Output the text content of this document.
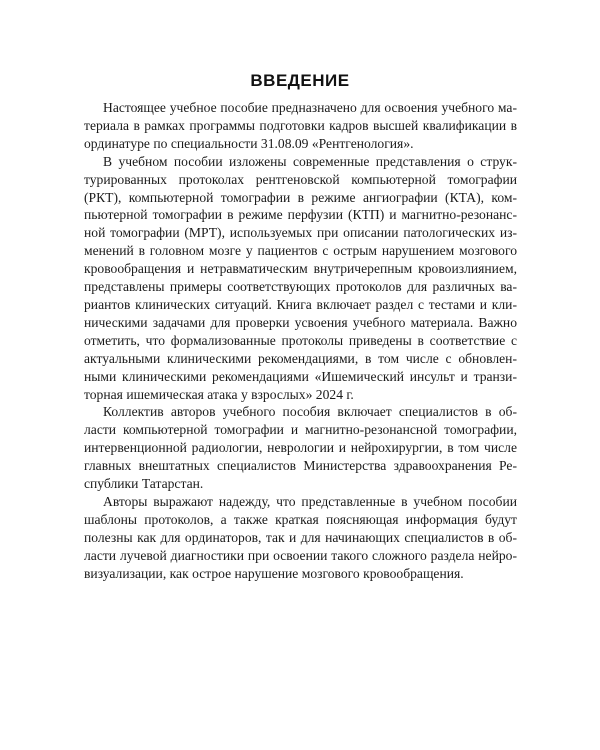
ВВЕДЕНИЕ

Настоящее учебное пособие предназначено для освоения учебного материала в рамках программы подготовки кадров высшей квалификации в ординатуре по специальности 31.08.09 «Рентгенология».

В учебном пособии изложены современные представления о структурированных протоколах рентгеновской компьютерной томографии (РКТ), компьютерной томографии в режиме ангиографии (КТА), компьютерной томографии в режиме перфузии (КТП) и магнитно-резонансной томографии (МРТ), используемых при описании патологических изменений в головном мозге у пациентов с острым нарушением мозгового кровообращения и нетравматическим внутричерепным кровоизлиянием, представлены примеры соответствующих протоколов для различных вариантов клинических ситуаций. Книга включает раздел с тестами и клиническими задачами для проверки усвоения учебного материала. Важно отметить, что формализованные протоколы приведены в соответствие с актуальными клиническими рекомендациями, в том числе с обновленными клиническими рекомендациями «Ишемический инсульт и транзиторная ишемическая атака у взрослых» 2024 г.

Коллектив авторов учебного пособия включает специалистов в области компьютерной томографии и магнитно-резонансной томографии, интервенционной радиологии, неврологии и нейрохирургии, в том числе главных внештатных специалистов Министерства здравоохранения Республики Татарстан.

Авторы выражают надежду, что представленные в учебном пособии шаблоны протоколов, а также краткая поясняющая информация будут полезны как для ординаторов, так и для начинающих специалистов в области лучевой диагностики при освоении такого сложного раздела нейровизуализации, как острое нарушение мозгового кровообращения.
